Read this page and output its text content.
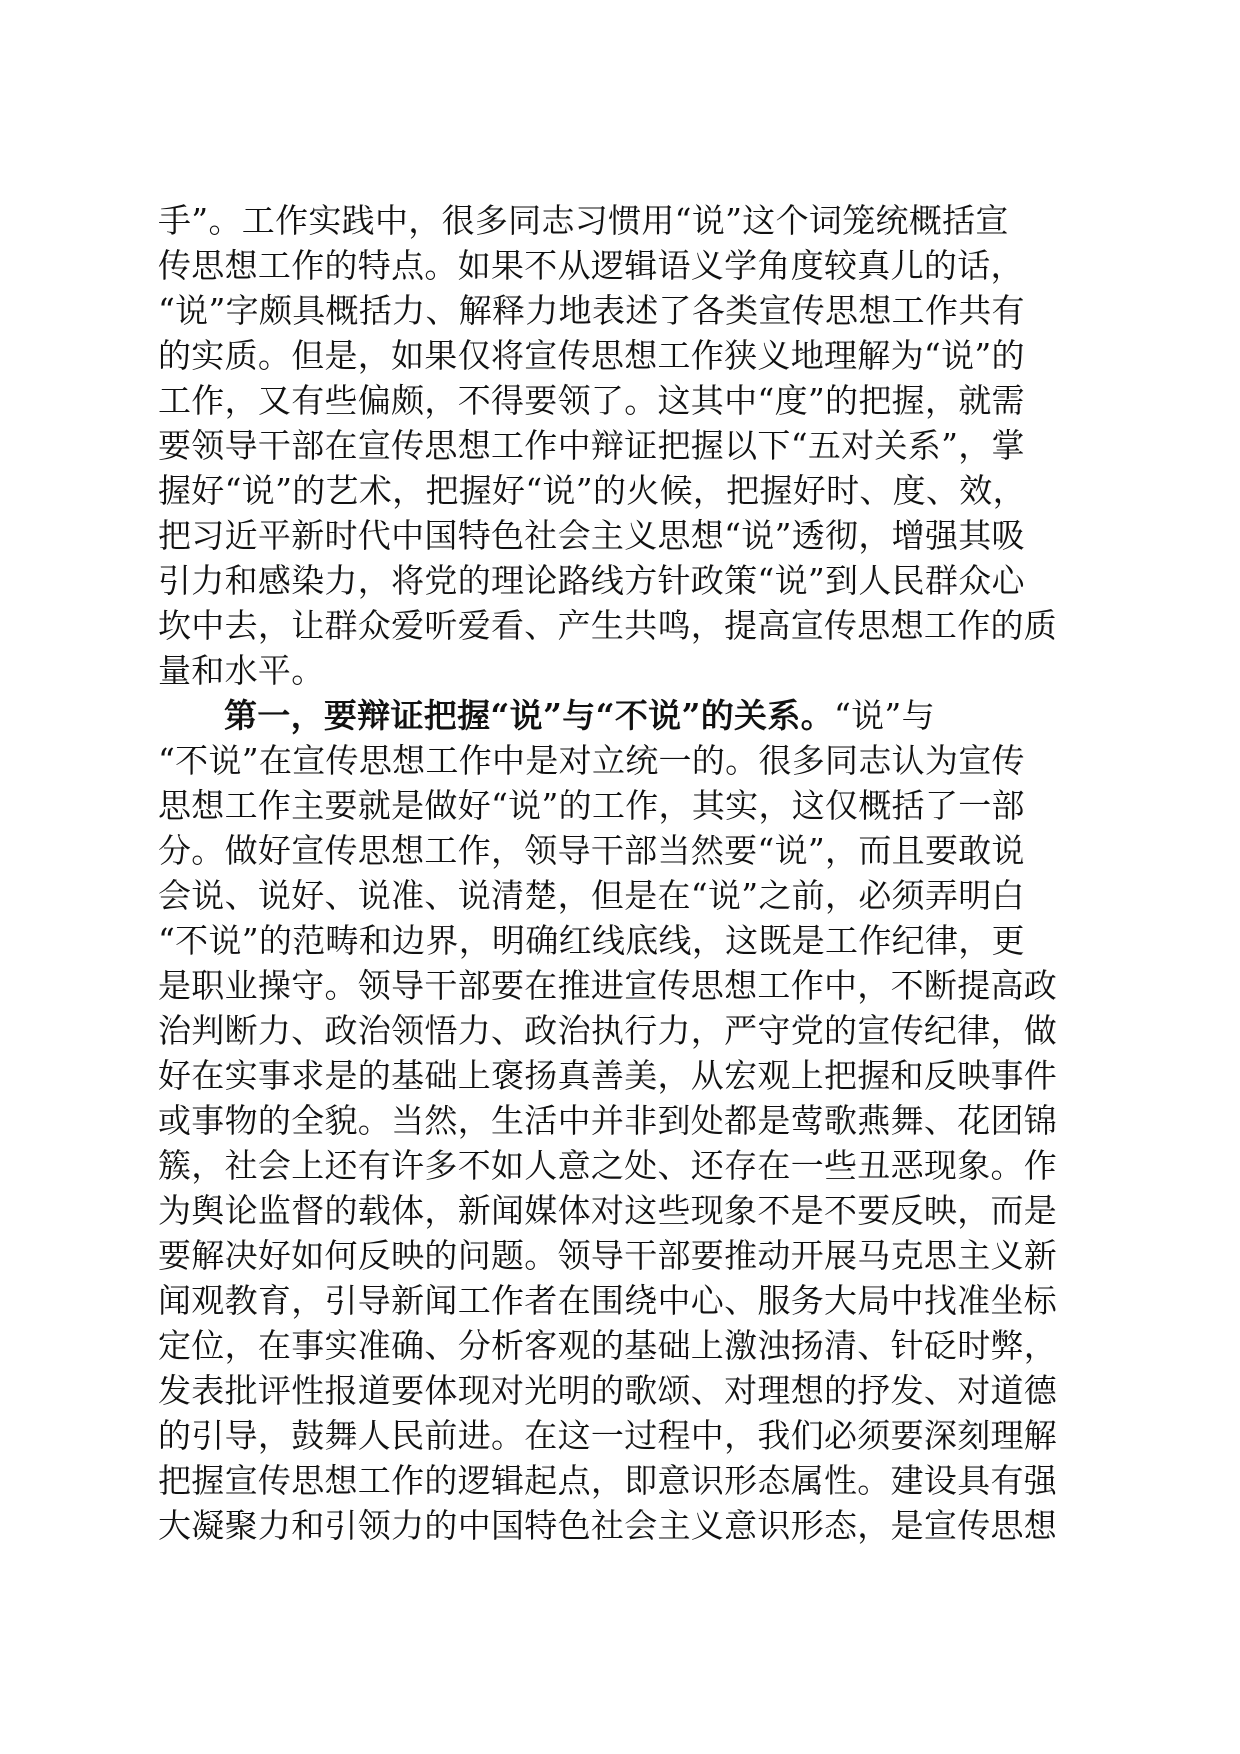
手”。工作实践中，很多同志习惯用“说”这个词笼统概括宣
传思想工作的特点。如果不从逻辑语义学角度较真儿的话，
“说”字颇具概括力、解释力地表述了各类宣传思想工作共有
的实质。但是，如果仅将宣传思想工作狭义地理解为“说”的
工作，又有些偏颇，不得要领了。这其中“度”的把握，就需
要领导干部在宣传思想工作中辩证把握以下“五对关系”，掌
握好“说”的艺术，把握好“说”的火候，把握好时、度、效，
把习近平新时代中国特色社会主义思想“说”透彻，增强其吸
引力和感染力，将党的理论路线方针政策“说”到人民群众心
坎中去，让群众爱听爱看、产生共鸣，提高宣传思想工作的质
量和水平。
第一，要辩证把握“说”与“不说”的关系。“说”与
“不说”在宣传思想工作中是对立统一的。很多同志认为宣传
思想工作主要就是做好“说”的工作，其实，这仅概括了一部
分。做好宣传思想工作，领导干部当然要“说”，而且要敢说
会说、说好、说准、说清楚，但是在“说”之前，必须弄明白
“不说”的范畴和边界，明确红线底线，这既是工作纪律，更
是职业操守。领导干部要在推进宣传思想工作中，不断提高政
治判断力、政治领悟力、政治执行力，严守党的宣传纪律，做
好在实事求是的基础上褒扬真善美，从宏观上把握和反映事件
或事物的全貌。当然，生活中并非到处都是莺歌燕舞、花团锦
簇，社会上还有许多不如人意之处、还存在一些丑恶现象。作
为舆论监督的载体，新闻媒体对这些现象不是不要反映，而是
要解决好如何反映的问题。领导干部要推动开展马克思主义新
闻观教育，引导新闻工作者在围绕中心、服务大局中找准坐标
定位，在事实准确、分析客观的基础上激浊扬清、针砭时弊，
发表批评性报道要体现对光明的歌颂、对理想的抒发、对道德
的引导，鼓舞人民前进。在这一过程中，我们必须要深刻理解
把握宣传思想工作的逻辑起点，即意识形态属性。建设具有强
大凝聚力和引领力的中国特色社会主义意识形态，是宣传思想
